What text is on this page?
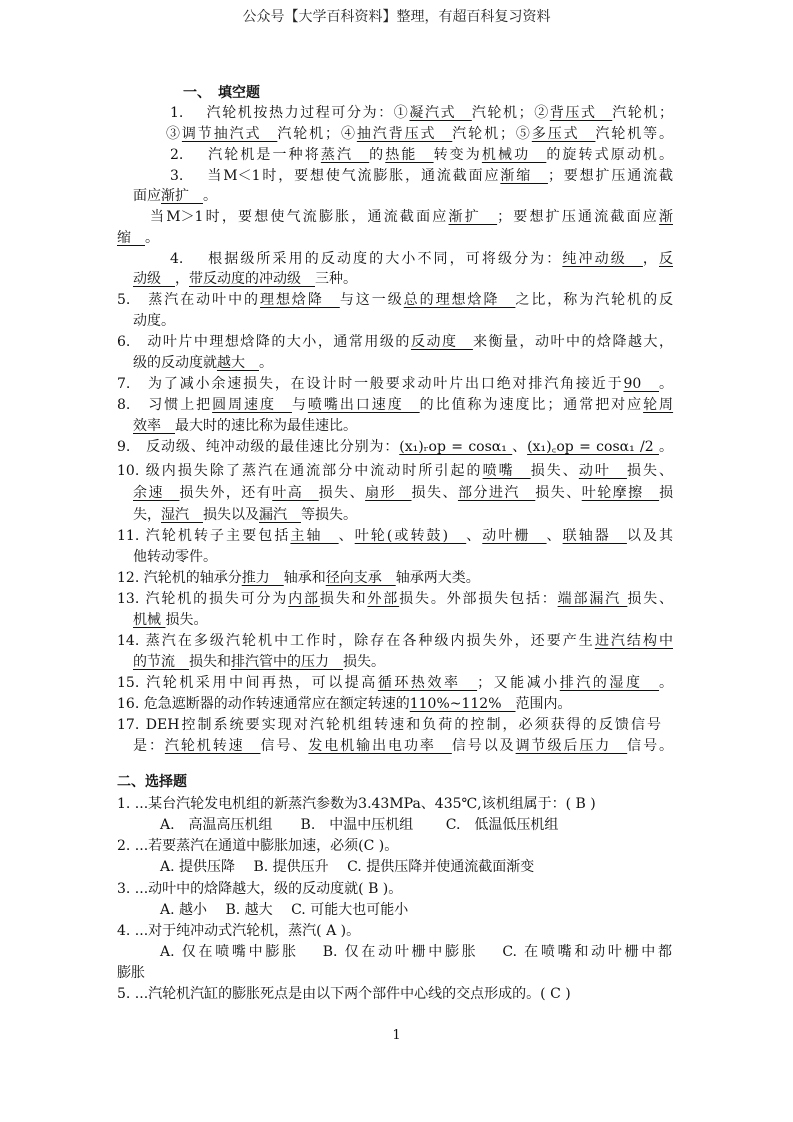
公众号【大学百科资料】整理，有超百科复习资料
一、　填空题
1.　 汽轮机按热力过程可分为：①凝汽式　汽轮机；②背压式　汽轮机；
③调节抽汽式　汽轮机；④抽汽背压式　汽轮机；⑤多压式　汽轮机等。
2.　 汽轮机是一种将蒸汽　的热能　转变为机械功　的旋转式原动机。
3.　 当M＜1时，要想使气流膨胀，通流截面应渐缩　；要想扩压通流截
面应渐扩　。
当M＞1时，要想使气流膨胀，通流截面应渐扩　；要想扩压通流截面应渐
缩　。
4.　 根据级所采用的反动度的大小不同，可将级分为：纯冲动级　，反
动级　，带反动度的冲动级　三种。
5.　蒸汽在动叶中的理想焓降　与这一级总的理想焓降　之比，称为汽轮机的反
动度。
6.　动叶片中理想焓降的大小，通常用级的反动度　来衡量，动叶中的焓降越大，
级的反动度就越大　。
7.　为了减小余速损失，在设计时一般要求动叶片出口绝对排汽角接近于90　。
8.　习惯上把圆周速度　与喷嘴出口速度　的比值称为速度比；通常把对应轮周
效率　最大时的速比称为最佳速比。
9.　反动级、纯冲动级的最佳速比分别为：(x₁)ᵣop = cosα₁ 、(x₁)꜀op = cosα₁ /2 。
10. 级内损失除了蒸汽在通流部分中流动时所引起的喷嘴　损失、动叶　损失、
余速　损失外，还有叶高　损失、扇形　损失、部分进汽　损失、叶轮摩擦　损
失，湿汽　损失以及漏汽　等损失。
11. 汽轮机转子主要包括主轴　、叶轮(或转鼓)　、动叶栅　、联轴器　以及其
他转动零件。
12. 汽轮机的轴承分推力　轴承和径向支承　轴承两大类。
13. 汽轮机的损失可分为内部损失和外部损失。外部损失包括：端部漏汽 损失、
机械 损失。
14. 蒸汽在多级汽轮机中工作时，除存在各种级内损失外，还要产生进汽结构中
的节流　损失和排汽管中的压力　损失。
15. 汽轮机采用中间再热，可以提高循环热效率　；又能减小排汽的湿度　。
16. 危急遮断器的动作转速通常应在额定转速的110%~112%　范围内。
17. DEH控制系统要实现对汽轮机组转速和负荷的控制，必须获得的反馈信号
是：汽轮机转速　信号、发电机输出电功率　信号以及调节级后压力　信号。
二、选择题
1. ...某台汽轮发电机组的新蒸汽参数为3.43MPa、435℃,该机组属于：( B )
A.　高温高压机组　　B.　中温中压机组　　 C.　低温低压机组
2. ...若要蒸汽在通道中膨胀加速，必须(C )。
A. 提供压降　 B. 提供压升　 C. 提供压降并使通流截面渐变
3. ...动叶中的焓降越大，级的反动度就( B )。
A. 越小　 B. 越大　 C. 可能大也可能小
4. ...对于纯冲动式汽轮机，蒸汽( A )。
A. 仅在喷嘴中膨胀　 B. 仅在动叶栅中膨胀　 C. 在喷嘴和动叶栅中都
膨胀
5. ...汽轮机汽缸的膨胀死点是由以下两个部件中心线的交点形成的。( C )
1
